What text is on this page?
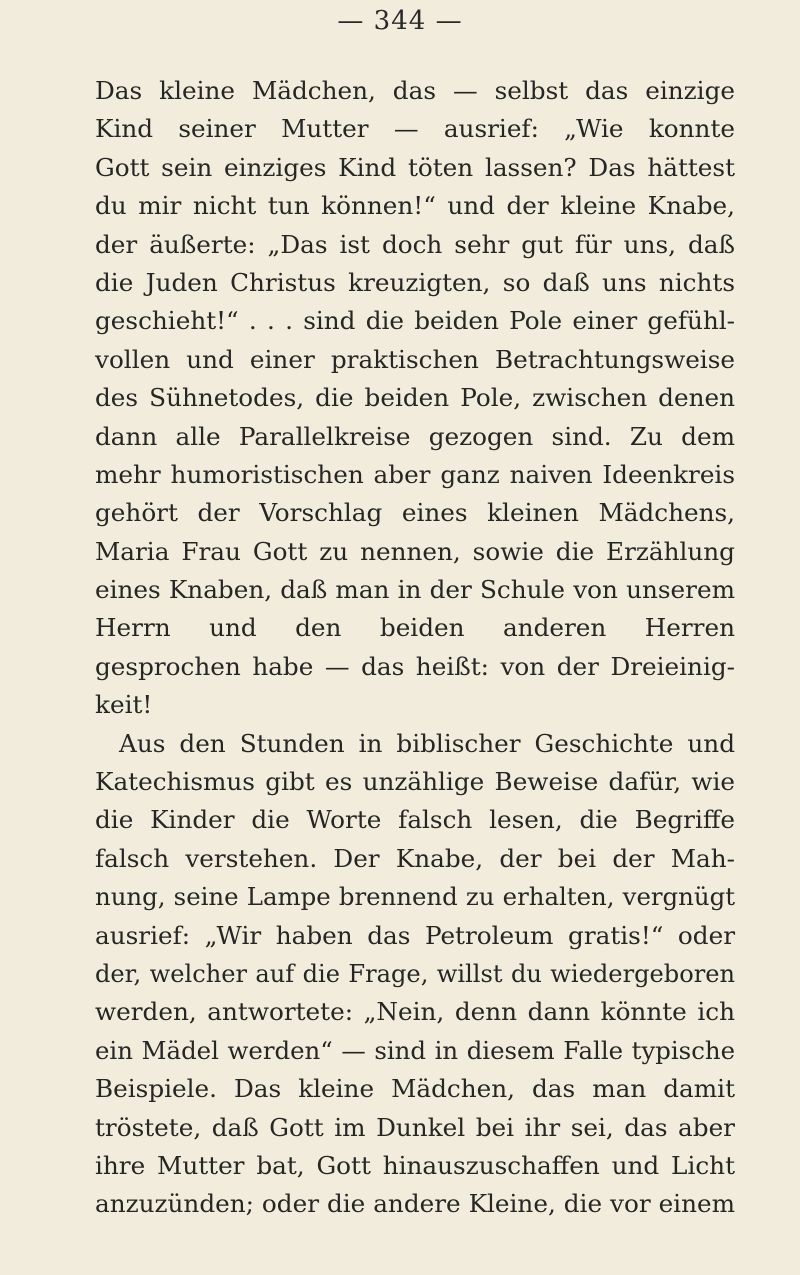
— 344 —
Das kleine Mädchen, das — selbst das einzige
Kind seiner Mutter — ausrief: „Wie konnte
Gott sein einziges Kind töten lassen? Das hättest
du mir nicht tun können!“ und der kleine Knabe,
der äußerte: „Das ist doch sehr gut für uns, daß
die Juden Christus kreuzigten, so daß uns nichts
geschieht!“ . . . sind die beiden Pole einer gefühl-
vollen und einer praktischen Betrachtungsweise
des Sühnetodes, die beiden Pole, zwischen denen
dann alle Parallelkreise gezogen sind. Zu dem
mehr humoristischen aber ganz naiven Ideenkreis
gehört der Vorschlag eines kleinen Mädchens,
Maria Frau Gott zu nennen, sowie die Erzählung
eines Knaben, daß man in der Schule von unserem
Herrn und den beiden anderen Herren
gesprochen habe — das heißt: von der Dreieinig-
keit!
Aus den Stunden in biblischer Geschichte und
Katechismus gibt es unzählige Beweise dafür, wie
die Kinder die Worte falsch lesen, die Begriffe
falsch verstehen. Der Knabe, der bei der Mah-
nung, seine Lampe brennend zu erhalten, vergnügt
ausrief: „Wir haben das Petroleum gratis!“ oder
der, welcher auf die Frage, willst du wiedergeboren
werden, antwortete: „Nein, denn dann könnte ich
ein Mädel werden“ — sind in diesem Falle typische
Beispiele. Das kleine Mädchen, das man damit
tröstete, daß Gott im Dunkel bei ihr sei, das aber
ihre Mutter bat, Gott hinauszuschaffen und Licht
anzuzünden; oder die andere Kleine, die vor einem
